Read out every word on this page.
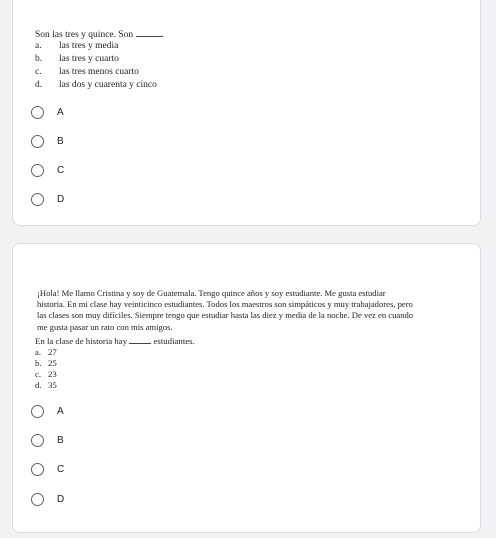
Son las tres y quince. Son	.
a. las tres y media
b. las tres y cuarto
c. las tres menos cuarto
d. las dos y cuarenta y cinco
A
B
C
D
¡Hola! Me llamo Cristina y soy de Guatemala. Tengo quince años y soy estudiante. Me gusta estudiar
historia. En mi clase hay veinticinco estudiantes. Todos los maestros son simpáticos y muy trabajadores, pero
las clases son muy difíciles. Siempre tengo que estudiar hasta las diez y media de la noche. De vez en cuando
me gusta pasar un rato con mis amigos.
En la clase de historia hay	estudiantes.
a. 27
b. 25
c. 23
d. 35
A
B
C
D
